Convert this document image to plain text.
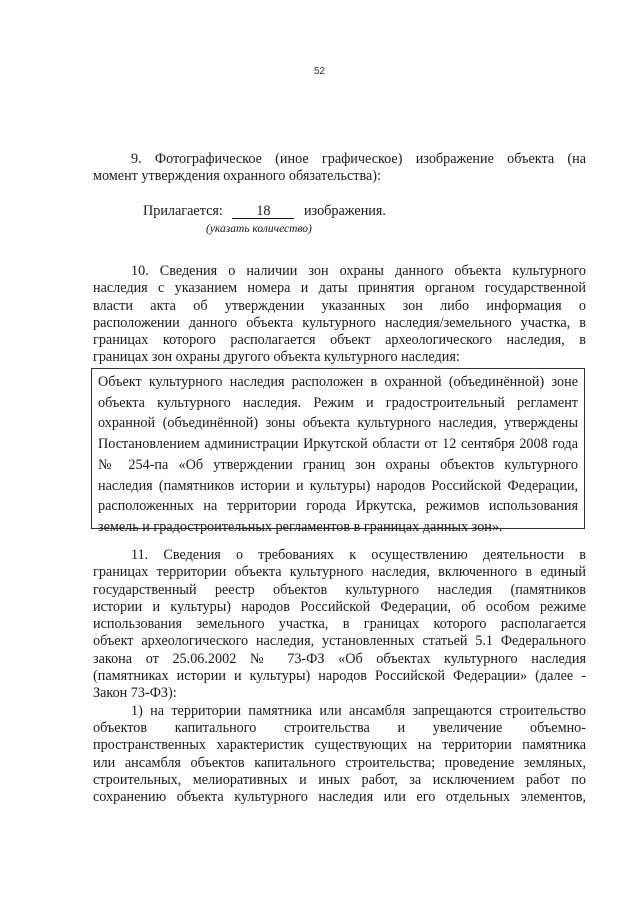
52
9. Фотографическое (иное графическое) изображение объекта (на
момент утверждения охранного обязательства):
Прилагается: 18 изображения.
(указать количество)
10. Сведения о наличии зон охраны данного объекта культурного
наследия с указанием номера и даты принятия органом государственной
власти акта об утверждении указанных зон либо информация о
расположении данного объекта культурного наследия/земельного участка, в
границах которого располагается объект археологического наследия, в
границах зон охраны другого объекта культурного наследия:
Объект культурного наследия расположен в охранной (объединённой) зоне
объекта культурного наследия. Режим и градостроительный регламент
охранной (объединённой) зоны объекта культурного наследия, утверждены
Постановлением администрации Иркутской области от 12 сентября 2008 года
№ 254-па «Об утверждении границ зон охраны объектов культурного
наследия (памятников истории и культуры) народов Российской Федерации,
расположенных на территории города Иркутска, режимов использования
земель и градостроительных регламентов в границах данных зон».
11. Сведения о требованиях к осуществлению деятельности в
границах территории объекта культурного наследия, включенного в единый
государственный реестр объектов культурного наследия (памятников
истории и культуры) народов Российской Федерации, об особом режиме
использования земельного участка, в границах которого располагается
объект археологического наследия, установленных статьей 5.1 Федерального
закона от 25.06.2002 № 73-ФЗ «Об объектах культурного наследия
(памятниках истории и культуры) народов Российской Федерации» (далее -
Закон 73-ФЗ):
1) на территории памятника или ансамбля запрещаются строительство
объектов капитального строительства и увеличение объемно-
пространственных характеристик существующих на территории памятника
или ансамбля объектов капитального строительства; проведение земляных,
строительных, мелиоративных и иных работ, за исключением работ по
сохранению объекта культурного наследия или его отдельных элементов,
